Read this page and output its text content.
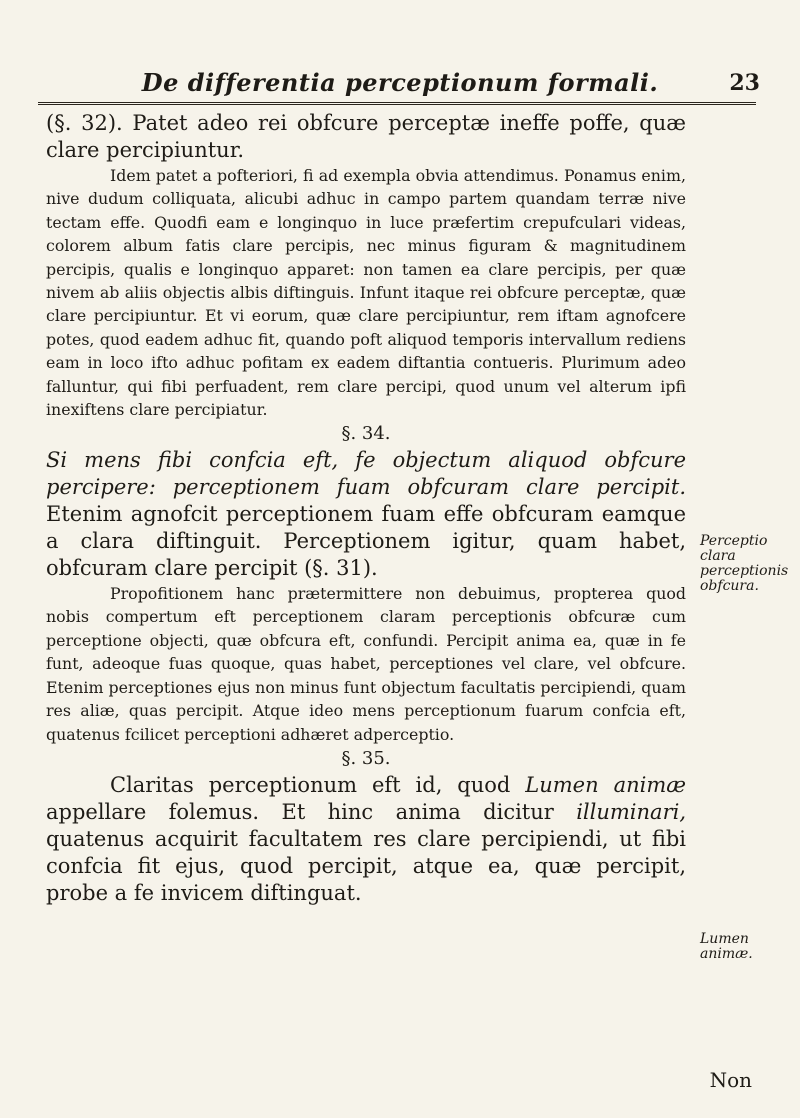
De differentia perceptionum formali.	23

(§. 32). Patet adeo rei obfcure perceptæ ineffe poffe, quæ clare percipiuntur.

Idem patet a pofteriori, fi ad exempla obvia attendimus. Ponamus enim, nive dudum colliquata, alicubi adhuc in campo partem quandam terræ nive tectam effe. Quodfi eam e longinquo in luce præfertim crepufculari videas, colorem album fatis clare percipis, nec minus figuram & magnitudinem percipis, qualis e longinquo apparet: non tamen ea clare percipis, per quæ nivem ab aliis objectis albis diftinguis. Infunt itaque rei obfcure perceptæ, quæ clare percipiuntur. Et vi eorum, quæ clare percipiuntur, rem iftam agnofcere potes, quod eadem adhuc fit, quando poft aliquod temporis intervallum rediens eam in loco ifto adhuc pofitam ex eadem diftantia contueris. Plurimum adeo falluntur, qui fibi perfuadent, rem clare percipi, quod unum vel alterum ipfi inexiftens clare percipiatur.

§. 34.

Si mens fibi confcia eft, fe objectum aliquod obfcure percipere: perceptionem fuam obfcuram clare percipit. Etenim agnofcit perceptionem fuam effe obfcuram eamque a clara diftinguit. Perceptionem igitur, quam habet, obfcuram clare percipit (§. 31).

Propofitionem hanc prætermittere non debuimus, propterea quod nobis compertum eft perceptionem claram perceptionis obfcuræ cum perceptione objecti, quæ obfcura eft, confundi. Percipit anima ea, quæ in fe funt, adeoque fuas quoque, quas habet, perceptiones vel clare, vel obfcure. Etenim perceptiones ejus non minus funt objectum facultatis percipiendi, quam res aliæ, quas percipit. Atque ideo mens perceptionum fuarum confcia eft, quatenus fcilicet perceptioni adhæret adperceptio.

§. 35.

Claritas perceptionum eft id, quod Lumen animæ appellare folemus. Et hinc anima dicitur illuminari, quatenus acquirit facultatem res clare percipiendi, ut fibi confcia fit ejus, quod percipit, atque ea, quæ percipit, probe a fe invicem diftinguat.

Perceptio clara perceptionis obfcura.
Lumen animæ.
Non
